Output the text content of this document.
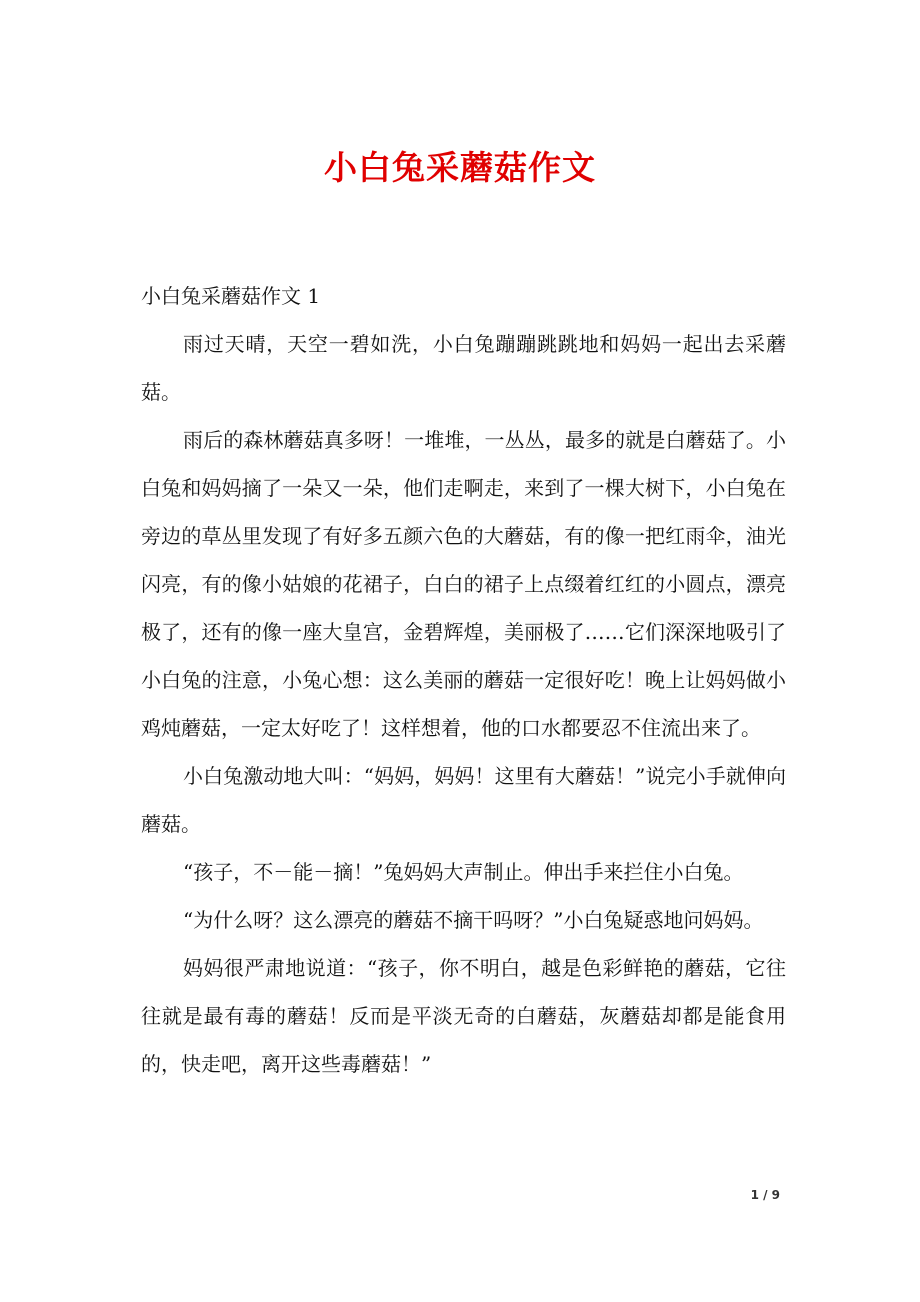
小白兔采蘑菇作文

小白兔采蘑菇作文 1

雨过天晴，天空一碧如洗，小白兔蹦蹦跳跳地和妈妈一起出去采蘑菇。

雨后的森林蘑菇真多呀！一堆堆，一丛丛，最多的就是白蘑菇了。小白兔和妈妈摘了一朵又一朵，他们走啊走，来到了一棵大树下，小白兔在旁边的草丛里发现了有好多五颜六色的大蘑菇，有的像一把红雨伞，油光闪亮，有的像小姑娘的花裙子，白白的裙子上点缀着红红的小圆点，漂亮极了，还有的像一座大皇宫，金碧辉煌，美丽极了……它们深深地吸引了小白兔的注意，小兔心想：这么美丽的蘑菇一定很好吃！晚上让妈妈做小鸡炖蘑菇，一定太好吃了！这样想着，他的口水都要忍不住流出来了。

小白兔激动地大叫：“妈妈，妈妈！这里有大蘑菇！”说完小手就伸向蘑菇。

“孩子，不－能－摘！”兔妈妈大声制止。伸出手来拦住小白兔。

“为什么呀？这么漂亮的蘑菇不摘干吗呀？”小白兔疑惑地问妈妈。

妈妈很严肃地说道：“孩子，你不明白，越是色彩鲜艳的蘑菇，它往往就是最有毒的蘑菇！反而是平淡无奇的白蘑菇，灰蘑菇却都是能食用的，快走吧，离开这些毒蘑菇！”

1 / 9
